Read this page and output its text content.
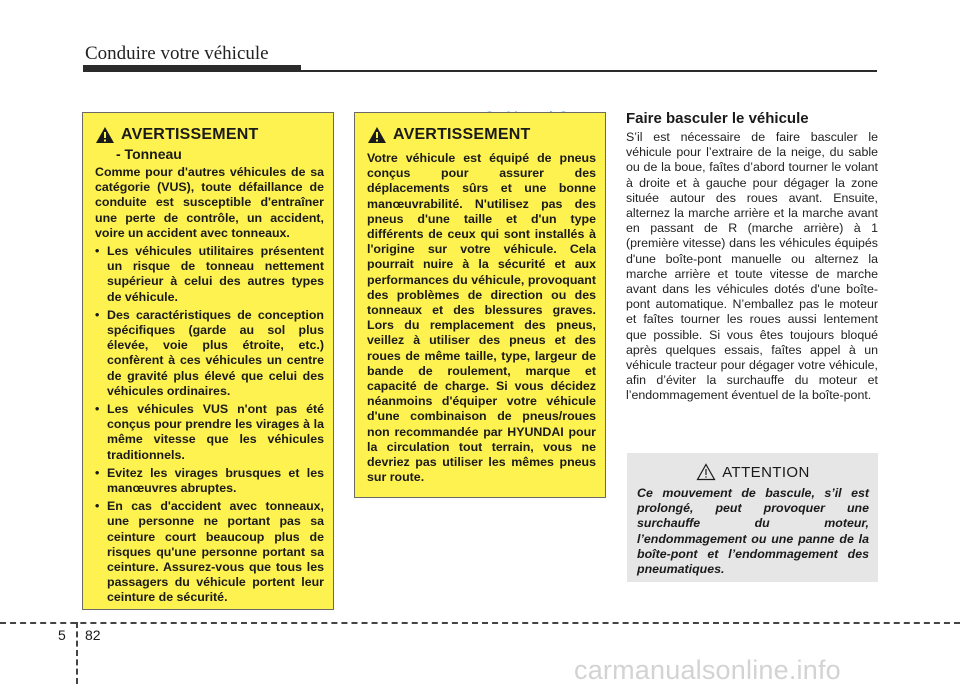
Conduire votre véhicule
AVERTISSEMENT
- Tonneau

Comme pour d'autres véhicules de sa catégorie (VUS), toute défaillance de conduite est susceptible d'entraîner une perte de contrôle, un accident, voire un accident avec tonneaux.

• Les véhicules utilitaires présentent un risque de tonneau nettement supérieur à celui des autres types de véhicule.
• Des caractéristiques de conception spécifiques (garde au sol plus élevée, voie plus étroite, etc.) confèrent à ces véhicules un centre de gravité plus élevé que celui des véhicules ordinaires.
• Les véhicules VUS n'ont pas été conçus pour prendre les virages à la même vitesse que les véhicules traditionnels.
• Evitez les virages brusques et les manœuvres abruptes.
• En cas d'accident avec tonneaux, une personne ne portant pas sa ceinture court beaucoup plus de risques qu'une personne portant sa ceinture. Assurez-vous que tous les passagers du véhicule portent leur ceinture de sécurité.
AVERTISSEMENT

Votre véhicule est équipé de pneus conçus pour assurer des déplacements sûrs et une bonne manœuvrabilité. N'utilisez pas des pneus d'une taille et d'un type différents de ceux qui sont installés à l'origine sur votre véhicule. Cela pourrait nuire à la sécurité et aux performances du véhicule, provoquant des problèmes de direction ou des tonneaux et des blessures graves. Lors du remplacement des pneus, veillez à utiliser des pneus et des roues de même taille, type, largeur de bande de roulement, marque et capacité de charge. Si vous décidez néanmoins d'équiper votre véhicule d'une combinaison de pneus/roues non recommandée par HYUNDAI pour la circulation tout terrain, vous ne devriez pas utiliser les mêmes pneus sur route.

Faire basculer le véhicule

S’il est nécessaire de faire basculer le véhicule pour l’extraire de la neige, du sable ou de la boue, faîtes d’abord tourner le volant à droite et à gauche pour dégager la zone située autour des roues avant. Ensuite, alternez la marche arrière et la marche avant en passant de R (marche arrière) à 1 (première vitesse) dans les véhicules équipés d'une boîte-pont manuelle ou alternez la marche arrière et toute vitesse de marche avant dans les véhicules dotés d'une boîte-pont automatique. N’emballez pas le moteur et faîtes tourner les roues aussi lentement que possible. Si vous êtes toujours bloqué après quelques essais, faîtes appel à un véhicule tracteur pour dégager votre véhicule, afin d’éviter la surchauffe du moteur et l’endommagement éventuel de la boîte-pont.

ATTENTION

Ce mouvement de bascule, s’il est prolongé, peut provoquer une surchauffe du moteur, l’endommagement ou une panne de la boîte-pont et l’endommagement des pneumatiques.

5 82
carmanualsonline.info
